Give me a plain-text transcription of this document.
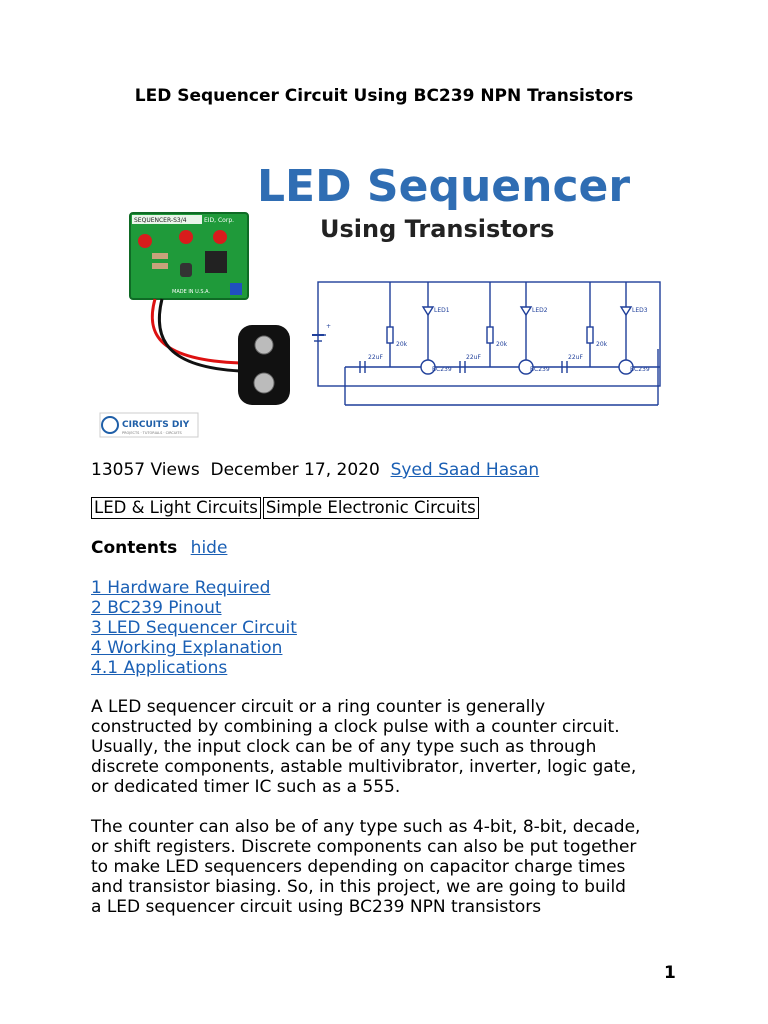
LED Sequencer Circuit Using BC239 NPN Transistors
LED Sequencer
Using Transistors
SEQUENCER-S3/4	EID, Corp.
MADE IN U.S.A.
CIRCUITS DIY
PROJECTS · TUTORIALS · CIRCUITS
LED1	LED2	LED3
20k	20k	20k
22uF	22uF	22uF
BC239	BC239	BC239
+
13057 Views December 17, 2020 Syed Saad Hasan
LED & Light Circuits Simple Electronic Circuits
Contents hide
1 Hardware Required
2 BC239 Pinout
3 LED Sequencer Circuit
4 Working Explanation
4.1 Applications
A LED sequencer circuit or a ring counter is generally
constructed by combining a clock pulse with a counter circuit.
Usually, the input clock can be of any type such as through
discrete components, astable multivibrator, inverter, logic gate,
or dedicated timer IC such as a 555.
The counter can also be of any type such as 4-bit, 8-bit, decade,
or shift registers. Discrete components can also be put together
to make LED sequencers depending on capacitor charge times
and transistor biasing. So, in this project, we are going to build
a LED sequencer circuit using BC239 NPN transistors
1
